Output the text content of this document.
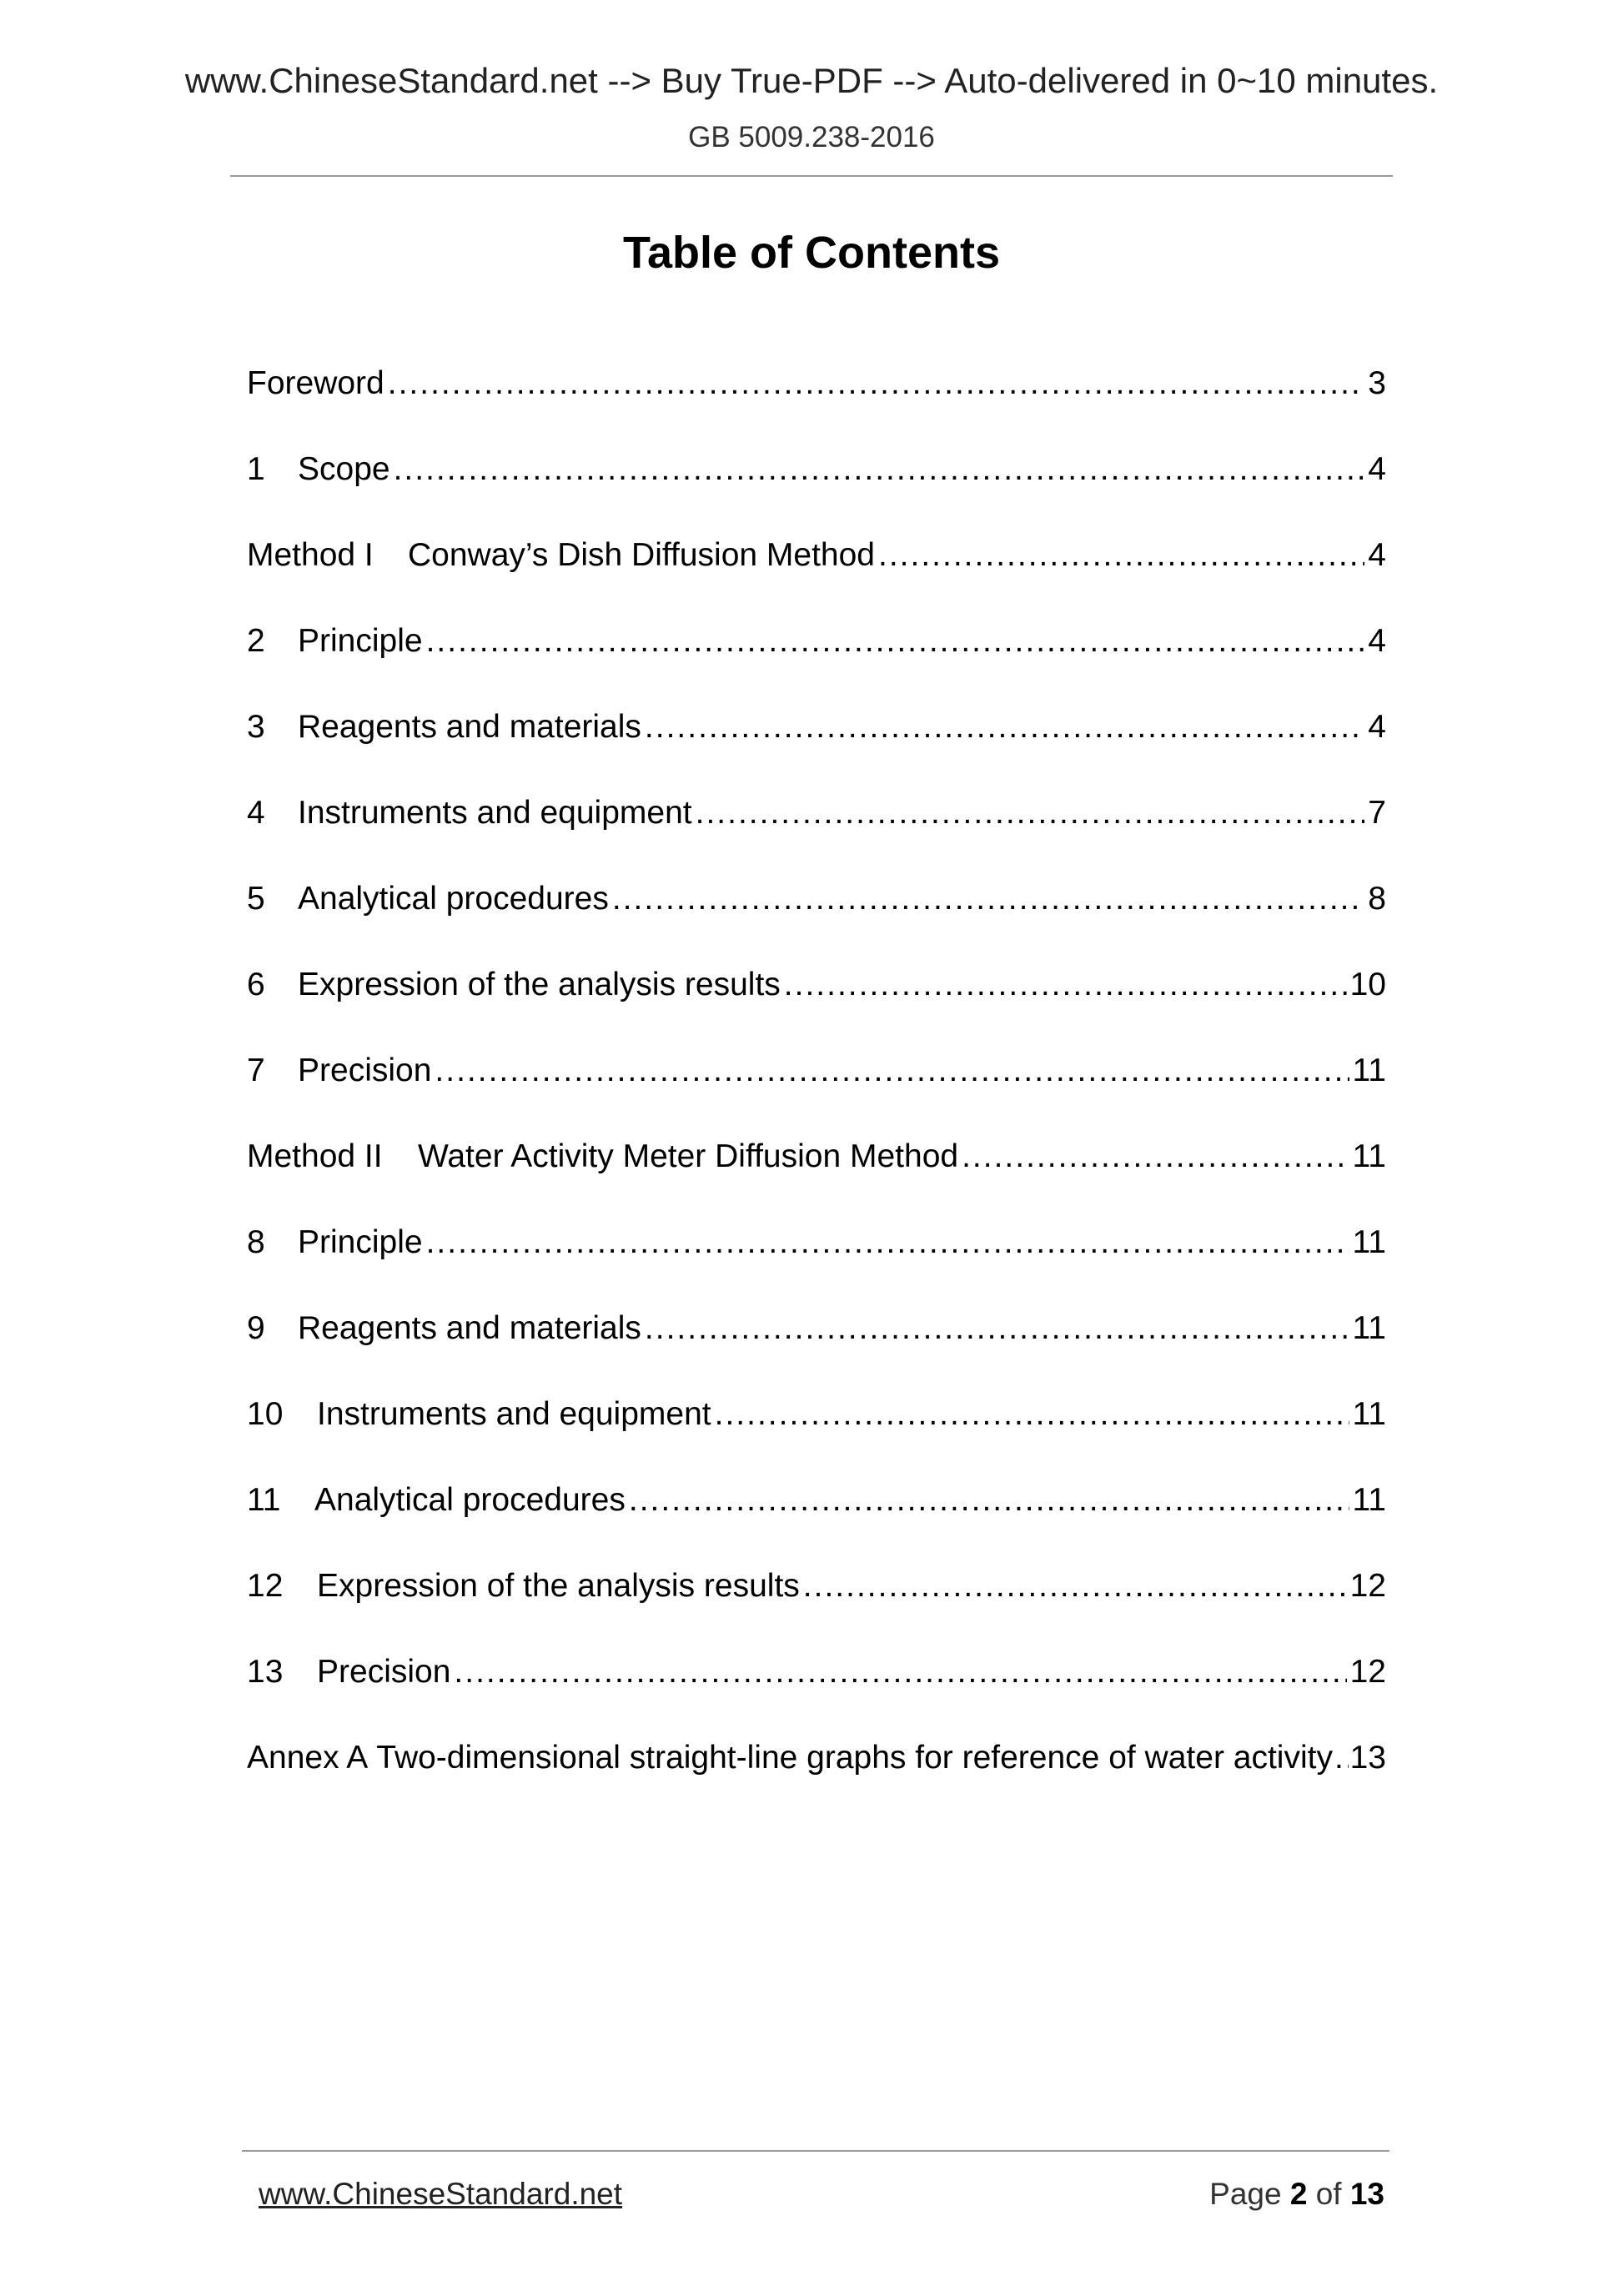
www.ChineseStandard.net --> Buy True-PDF --> Auto-delivered in 0~10 minutes.
GB 5009.238-2016
Table of Contents
Foreword .....	3
1	Scope .....	4
Method I	Conway’s Dish Diffusion Method .....	4
2	Principle .....	4
3	Reagents and materials .....	4
4	Instruments and equipment .....	7
5	Analytical procedures .....	8
6	Expression of the analysis results .....	10
7	Precision .....	11
Method II	Water Activity Meter Diffusion Method .....	11
8	Principle .....	11
9	Reagents and materials .....	11
10	Instruments and equipment .....	11
11	Analytical procedures .....	11
12	Expression of the analysis results .....	12
13	Precision .....	12
Annex A Two-dimensional straight-line graphs for reference of water activity ..... 13
www.ChineseStandard.net	Page 2 of 13
